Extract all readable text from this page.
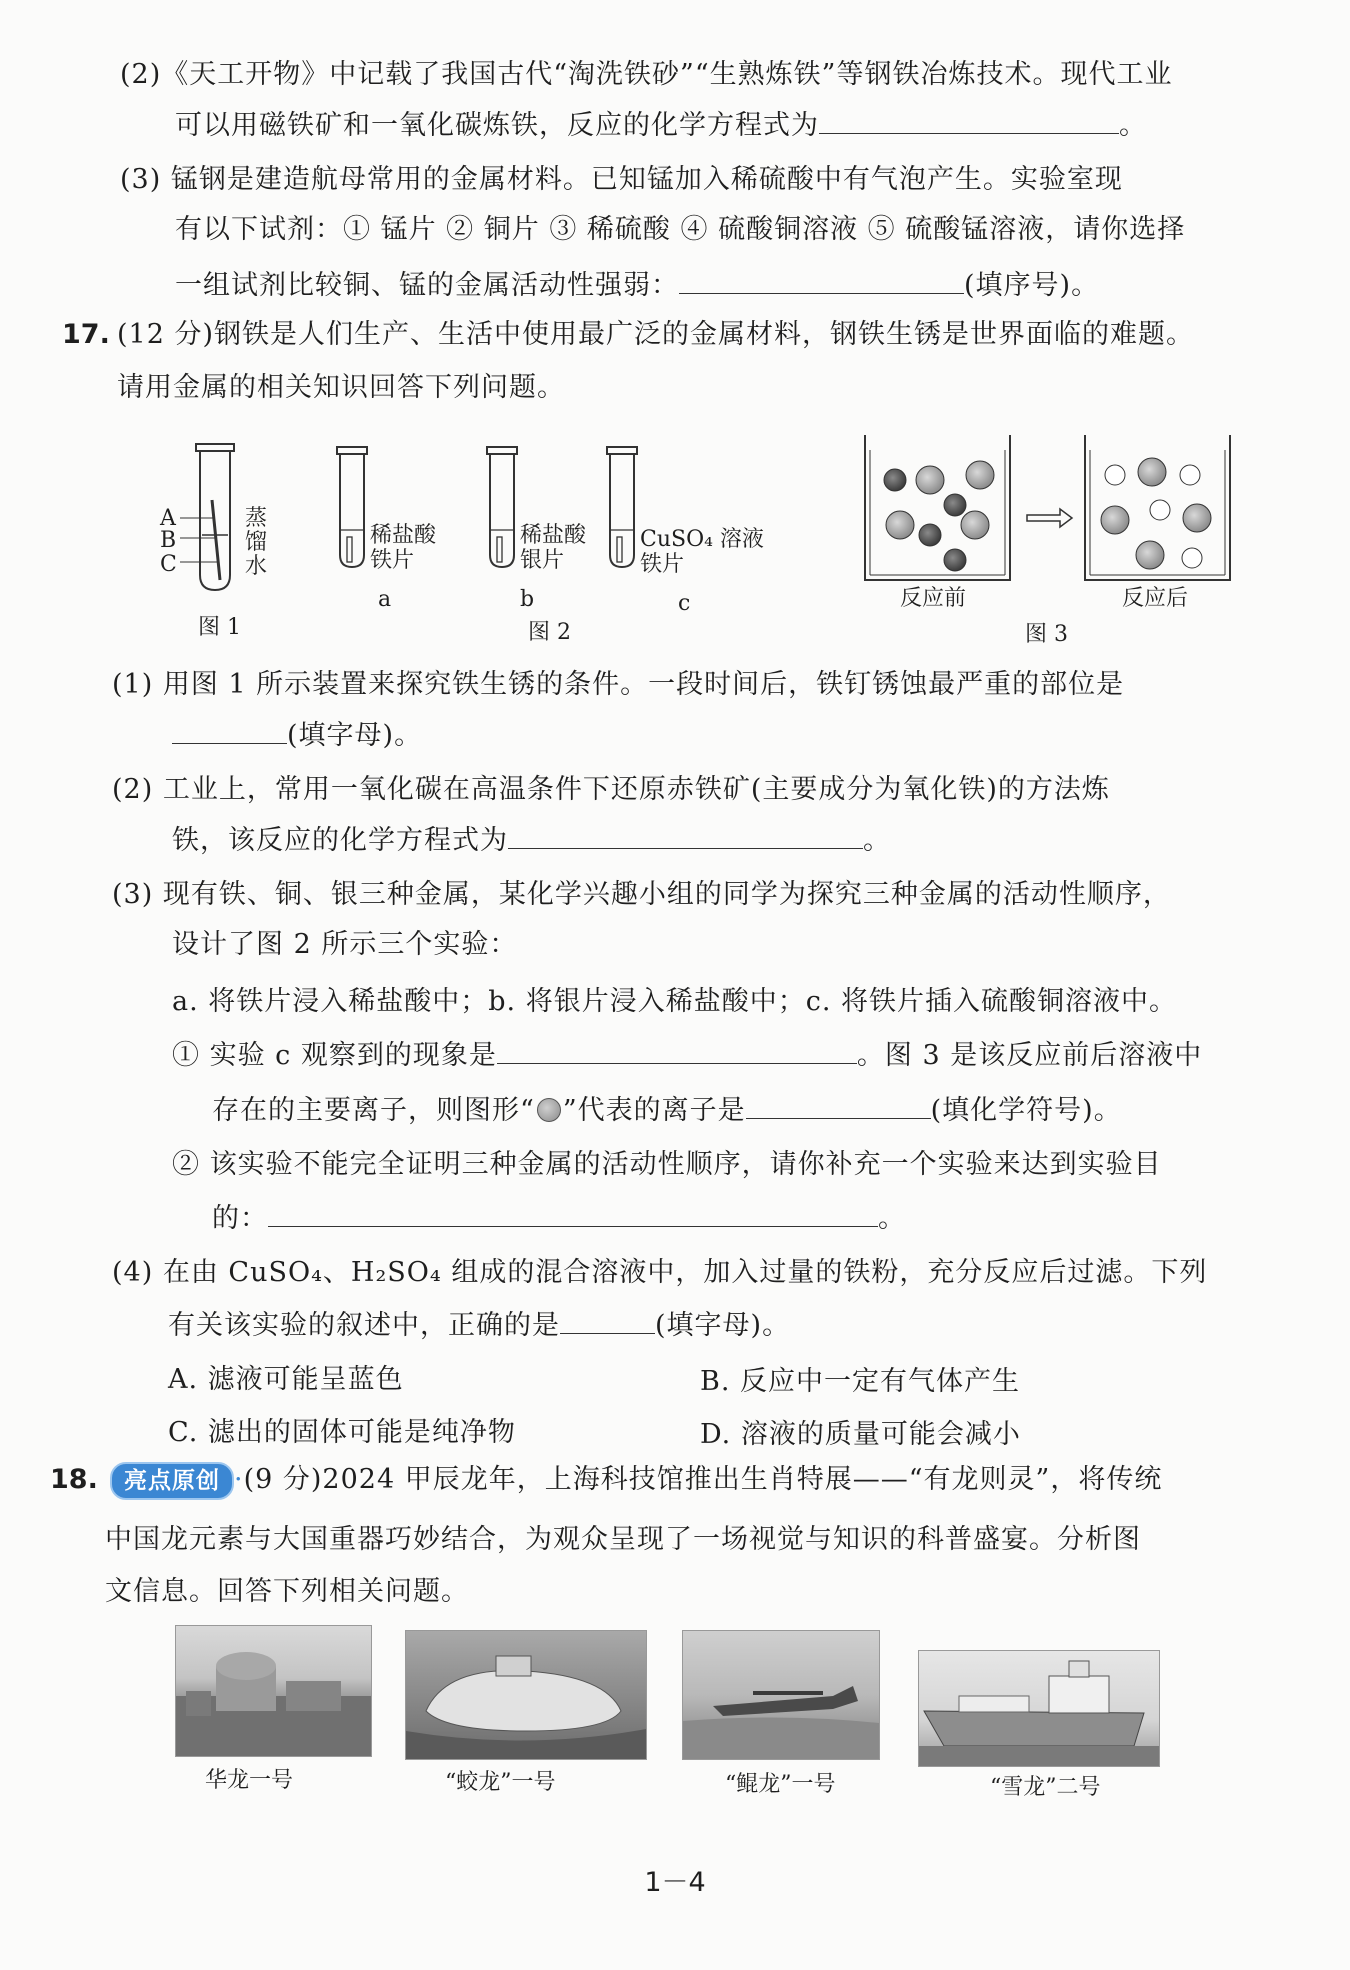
(2)《天工开物》中记载了我国古代“淘洗铁砂”“生熟炼铁”等钢铁冶炼技术。现代工业
可以用磁铁矿和一氧化碳炼铁，反应的化学方程式为	。
(3) 锰钢是建造航母常用的金属材料。已知锰加入稀硫酸中有气泡产生。实验室现
有以下试剂：① 锰片 ② 铜片 ③ 稀硫酸 ④ 硫酸铜溶液 ⑤ 硫酸锰溶液，请你选择
一组试剂比较铜、锰的金属活动性强弱：	(填序号)。
17. (12 分)钢铁是人们生产、生活中使用最广泛的金属材料，钢铁生锈是世界面临的难题。
请用金属的相关知识回答下列问题。
A
B
C
蒸
馏
水
图 1
稀盐酸
铁片
a
稀盐酸
银片
b
CuSO₄ 溶液
铁片
c
图 2
反应前	反应后
图 3
(1) 用图 1 所示装置来探究铁生锈的条件。一段时间后，铁钉锈蚀最严重的部位是
(填字母)。
(2) 工业上，常用一氧化碳在高温条件下还原赤铁矿(主要成分为氧化铁)的方法炼
铁，该反应的化学方程式为	。
(3) 现有铁、铜、银三种金属，某化学兴趣小组的同学为探究三种金属的活动性顺序，
设计了图 2 所示三个实验：
a. 将铁片浸入稀盐酸中；b. 将银片浸入稀盐酸中；c. 将铁片插入硫酸铜溶液中。
① 实验 c 观察到的现象是	。图 3 是该反应前后溶液中
存在的主要离子，则图形“ ”代表的离子是	(填化学符号)。
② 该实验不能完全证明三种金属的活动性顺序，请你补充一个实验来达到实验目
的：	。
(4) 在由 CuSO₄、H₂SO₄ 组成的混合溶液中，加入过量的铁粉，充分反应后过滤。下列
有关该实验的叙述中，正确的是	(填字母)。
A. 滤液可能呈蓝色	B. 反应中一定有气体产生
C. 滤出的固体可能是纯净物	D. 溶液的质量可能会减小
18.	亮点原创 ·(9 分)2024 甲辰龙年，上海科技馆推出生肖特展——“有龙则灵”，将传统
中国龙元素与大国重器巧妙结合，为观众呈现了一场视觉与知识的科普盛宴。分析图
文信息。回答下列相关问题。
华龙一号	“蛟龙”一号	“鲲龙”一号	“雪龙”二号
1－4
